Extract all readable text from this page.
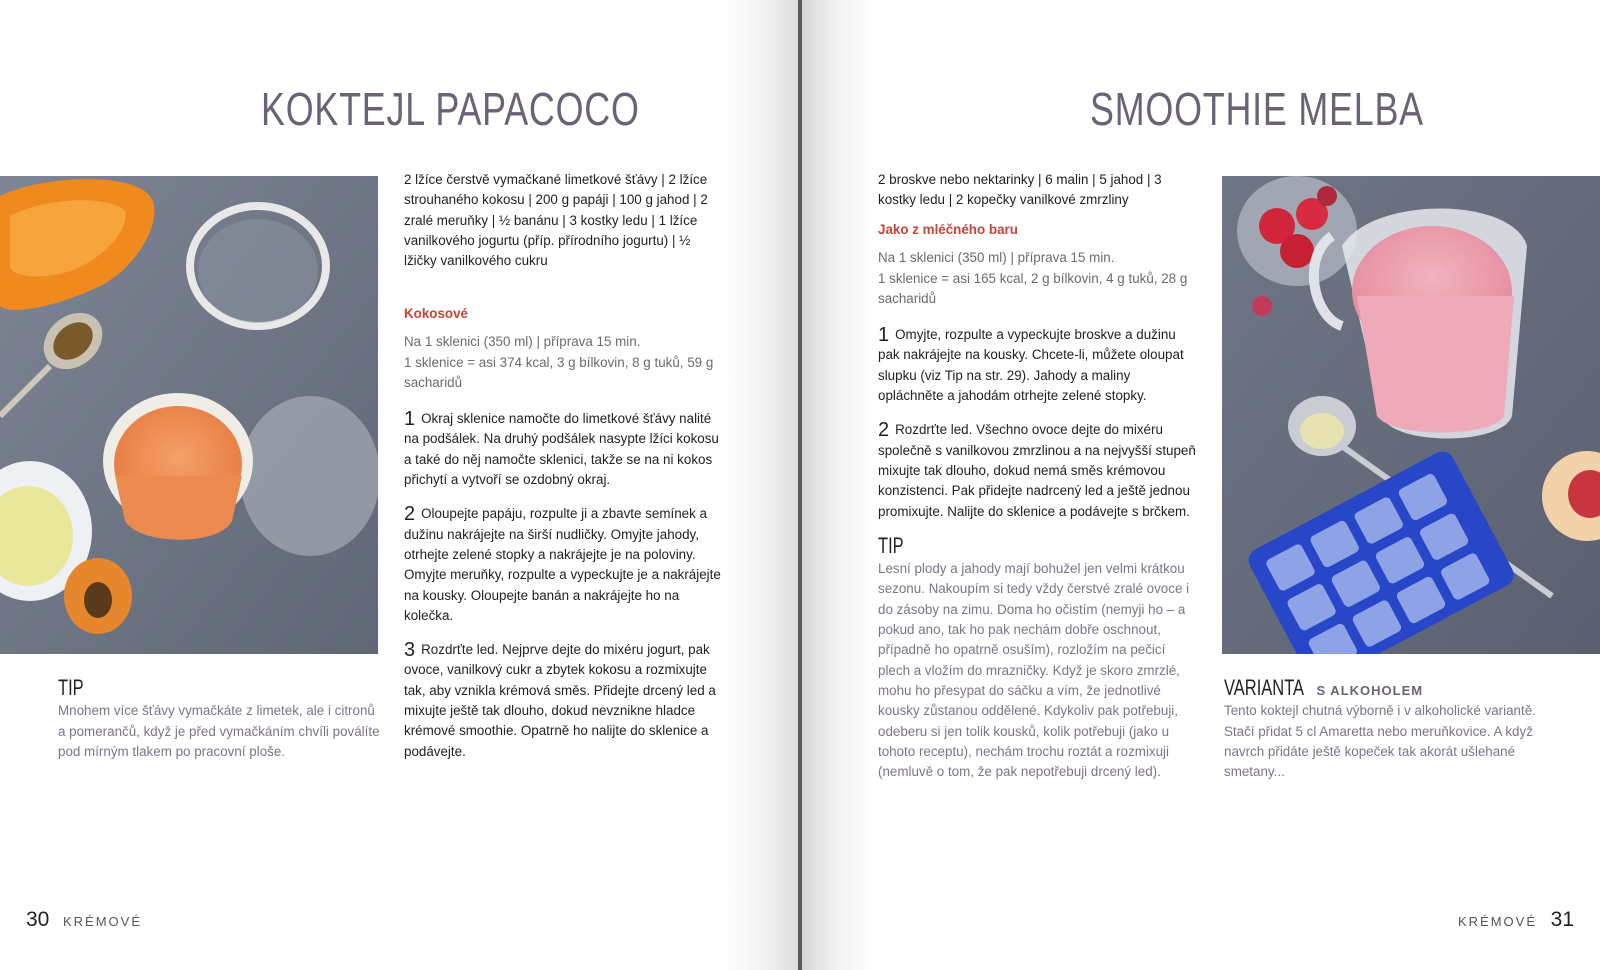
KOKTEJL PAPACOCO
2 lžíce čerstvě vymačkané limetkové šťávy | 2 lžíce strouhaného kokosu | 200 g papáji | 100 g jahod | 2 zralé meruňky | ½ banánu | 3 kostky ledu | 1 lžíce vanilkového jogurtu (příp. přírodního jogurtu) | ½ lžičky vanilkového cukru
Kokosové
Na 1 sklenici (350 ml) | příprava 15 min.
1 sklenice = asi 374 kcal, 3 g bílkovin, 8 g tuků, 59 g sacharidů
1 Okraj sklenice namočte do limetkové šťávy nalité na podšálek. Na druhý podšálek nasypte lžíci kokosu a také do něj namočte sklenici, takže se na ni kokos přichytí a vytvoří se ozdobný okraj.
2 Oloupejte papáju, rozpulte ji a zbavte semínek a dužinu nakrájejte na širší nudličky. Omyjte jahody, otrhejte zelené stopky a nakrájejte je na poloviny. Omyjte meruňky, rozpulte a vypeckujte je a nakrájejte na kousky. Oloupejte banán a nakrájejte ho na kolečka.
3 Rozdrťte led. Nejprve dejte do mixéru jogurt, pak ovoce, vanilkový cukr a zbytek kokosu a rozmixujte tak, aby vznikla krémová směs. Přidejte drcený led a mixujte ještě tak dlouho, dokud nevznikne hladce krémové smoothie. Opatrně ho nalijte do sklenice a podávejte.
TIP
Mnohem více šťávy vymačkáte z limetek, ale i citronů a pomerančů, když je před vymačkáním chvíli poválíte pod mírným tlakem po pracovní ploše.
30 KRÉMOVÉ
SMOOTHIE MELBA
2 broskve nebo nektarinky | 6 malin | 5 jahod | 3 kostky ledu | 2 kopečky vanilkové zmrzliny
Jako z mléčného baru
Na 1 sklenici (350 ml) | příprava 15 min.
1 sklenice = asi 165 kcal, 2 g bílkovin, 4 g tuků, 28 g sacharidů
1 Omyjte, rozpulte a vypeckujte broskve a dužinu pak nakrájejte na kousky. Chcete-li, můžete oloupat slupku (viz Tip na str. 29). Jahody a maliny opláchněte a jahodám otrhejte zelené stopky.
2 Rozdrťte led. Všechno ovoce dejte do mixéru společně s vanilkovou zmrzlinou a na nejvyšší stupeň mixujte tak dlouho, dokud nemá směs krémovou konzistenci. Pak přidejte nadrcený led a ještě jednou promixujte. Nalijte do sklenice a podávejte s brčkem.
TIP
Lesní plody a jahody mají bohužel jen velmi krátkou sezonu. Nakoupím si tedy vždy čerstvé zralé ovoce i do zásoby na zimu. Doma ho očistím (nemyji ho – a pokud ano, tak ho pak nechám dobře oschnout, případně ho opatrně osuším), rozložím na pečicí plech a vložím do mrazničky. Když je skoro zmrzlé, mohu ho přesypat do sáčku a vím, že jednotlivé kousky zůstanou oddělené. Kdykoliv pak potřebuji, odeberu si jen tolik kousků, kolik potřebuji (jako u tohoto receptu), nechám trochu roztát a rozmixuji (nemluvě o tom, že pak nepotřebuji drcený led).
VARIANTA S ALKOHOLEM
Tento koktejl chutná výborně i v alkoholické variantě. Stačí přidat 5 cl Amaretta nebo meruňkovice. A když navrch přidáte ještě kopeček tak akorát ušlehané smetany...
KRÉMOVÉ 31
